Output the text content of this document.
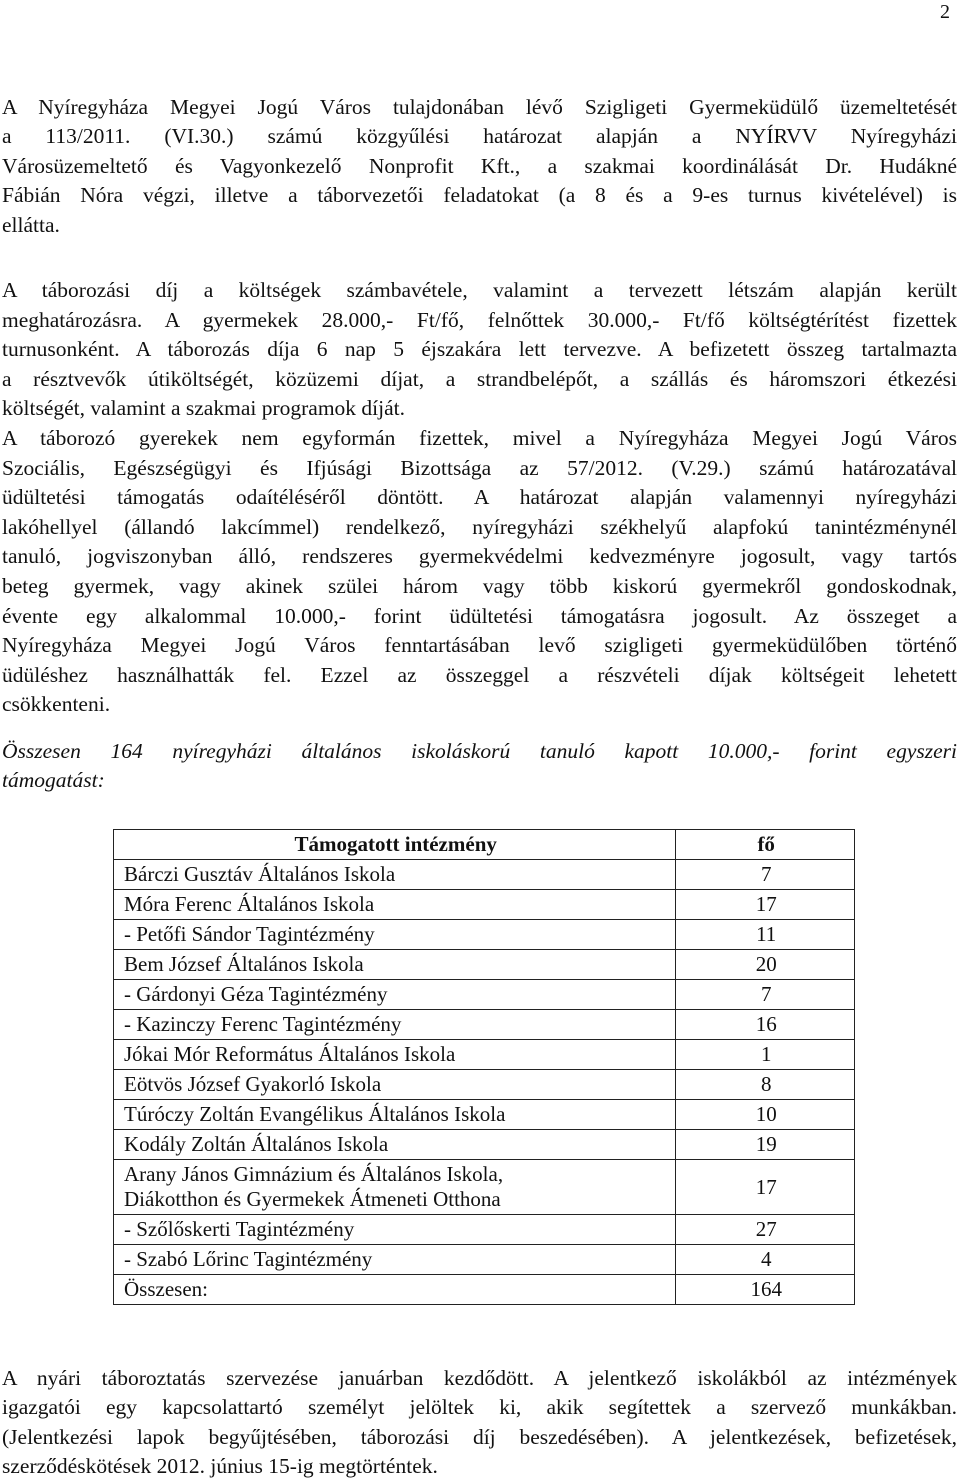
2
A Nyíregyháza Megyei Jogú Város tulajdonában lévő Szigligeti Gyermeküdülő üzemeltetését
a 113/2011. (VI.30.) számú közgyűlési határozat alapján a NYÍRVV Nyíregyházi
Városüzemeltető és Vagyonkezelő Nonprofit Kft., a szakmai koordinálását Dr. Hudákné
Fábián Nóra végzi, illetve a táborvezetői feladatokat (a 8 és a 9-es turnus kivételével) is
ellátta.
A táborozási díj a költségek számbavétele, valamint a tervezett létszám alapján került
meghatározásra. A gyermekek 28.000,- Ft/fő, felnőttek 30.000,- Ft/fő költségtérítést fizettek
turnusonként. A táborozás díja 6 nap 5 éjszakára lett tervezve. A befizetett összeg tartalmazta
a résztvevők útiköltségét, közüzemi díjat, a strandbelépőt, a szállás és háromszori étkezési
költségét, valamint a szakmai programok díját.
A táborozó gyerekek nem egyformán fizettek, mivel a Nyíregyháza Megyei Jogú Város
Szociális, Egészségügyi és Ifjúsági Bizottsága az 57/2012. (V.29.) számú határozatával
üdültetési támogatás odaítéléséről döntött. A határozat alapján valamennyi nyíregyházi
lakóhellyel (állandó lakcímmel) rendelkező, nyíregyházi székhelyű alapfokú tanintézménynél
tanuló, jogviszonyban álló, rendszeres gyermekvédelmi kedvezményre jogosult, vagy tartós
beteg gyermek, vagy akinek szülei három vagy több kiskorú gyermekről gondoskodnak,
évente egy alkalommal 10.000,- forint üdültetési támogatásra jogosult. Az összeget a
Nyíregyháza Megyei Jogú Város fenntartásában levő szigligeti gyermeküdülőben történő
üdüléshez használhatták fel. Ezzel az összeggel a részvételi díjak költségeit lehetett
csökkenteni.
Összesen 164 nyíregyházi általános iskoláskorú tanuló kapott 10.000,- forint egyszeri
támogatást:
Támogatott intézmény	fő
Bárczi Gusztáv Általános Iskola	7
Móra Ferenc Általános Iskola	17
- Petőfi Sándor Tagintézmény	11
Bem József Általános Iskola	20
- Gárdonyi Géza Tagintézmény	7
- Kazinczy Ferenc Tagintézmény	16
Jókai Mór Református Általános Iskola	1
Eötvös József Gyakorló Iskola	8
Túróczy Zoltán Evangélikus Általános Iskola	10
Kodály Zoltán Általános Iskola	19

Arany János Gimnázium és Általános Iskola,
Diákotthon és Gyermekek Átmeneti Otthona	17
- Szőlőskerti Tagintézmény	27
- Szabó Lőrinc Tagintézmény	4
Összesen:	164
A nyári táboroztatás szervezése januárban kezdődött. A jelentkező iskolákból az intézmények
igazgatói egy kapcsolattartó személyt jelöltek ki, akik segítettek a szervező munkákban.
(Jelentkezési lapok begyűjtésében, táborozási díj beszedésében). A jelentkezések, befizetések,
szerződéskötések 2012. június 15-ig megtörténtek.
